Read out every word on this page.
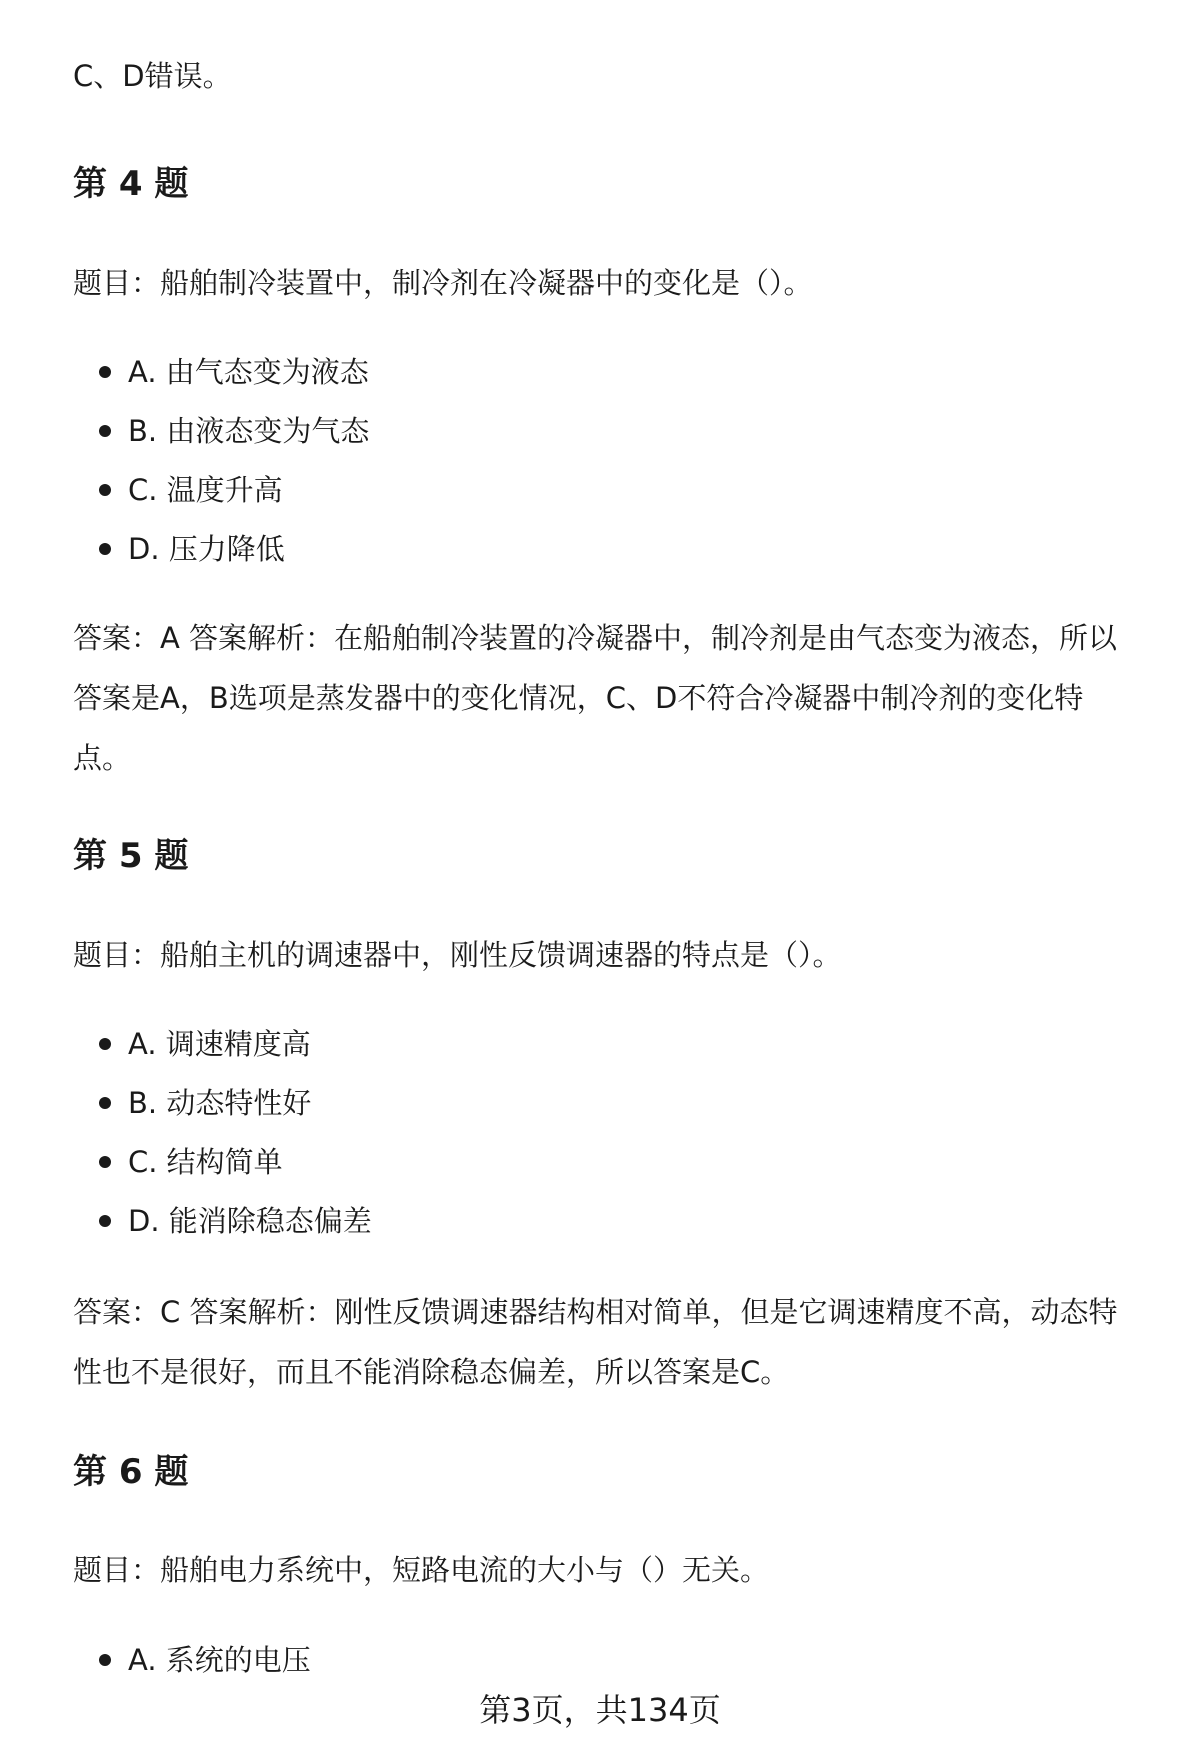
C、D错误。
第 4 题
题目：船舶制冷装置中，制冷剂在冷凝器中的变化是（）。
A. 由气态变为液态
B. 由液态变为气态
C. 温度升高
D. 压力降低
答案：A 答案解析：在船舶制冷装置的冷凝器中，制冷剂是由气态变为液态，所以
答案是A，B选项是蒸发器中的变化情况，C、D不符合冷凝器中制冷剂的变化特
点。
第 5 题
题目：船舶主机的调速器中，刚性反馈调速器的特点是（）。
A. 调速精度高
B. 动态特性好
C. 结构简单
D. 能消除稳态偏差
答案：C 答案解析：刚性反馈调速器结构相对简单，但是它调速精度不高，动态特
性也不是很好，而且不能消除稳态偏差，所以答案是C。
第 6 题
题目：船舶电力系统中，短路电流的大小与（）无关。
A. 系统的电压
第3页，共134页
